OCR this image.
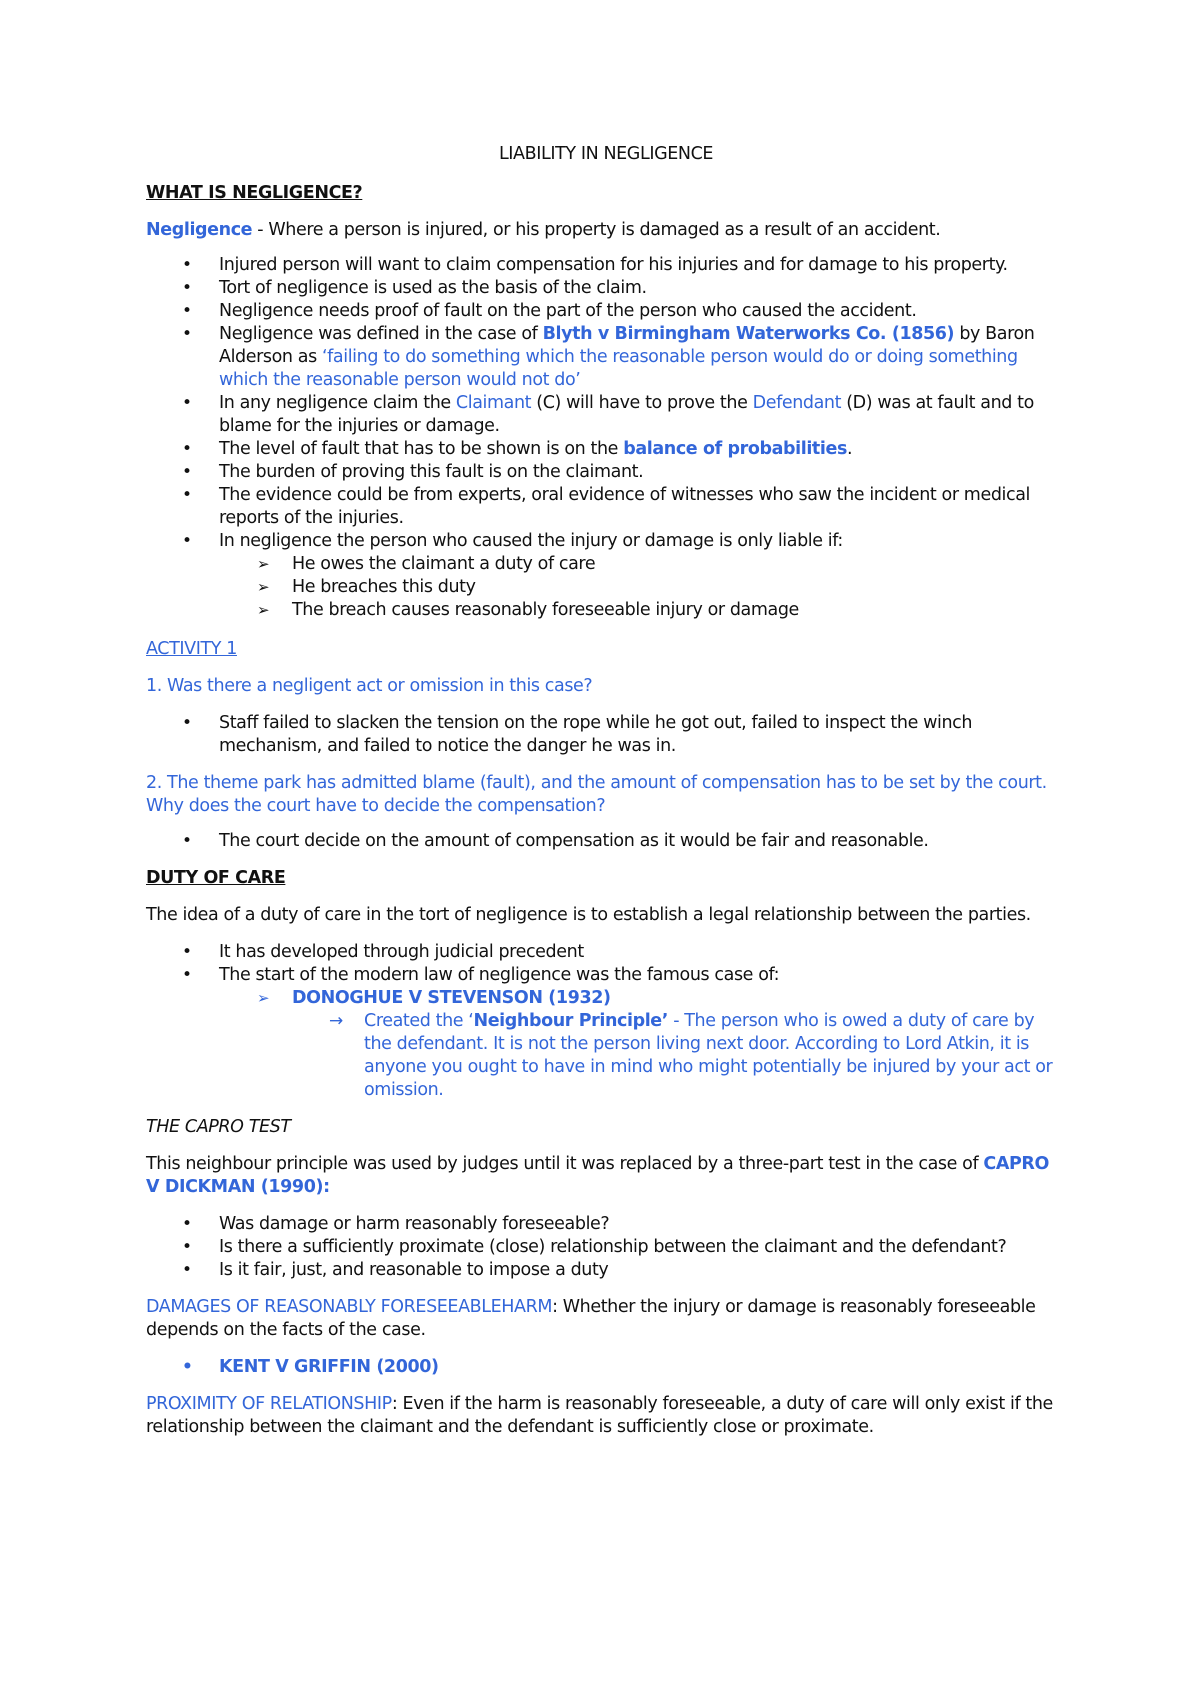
LIABILITY IN NEGLIGENCE

WHAT IS NEGLIGENCE?

Negligence - Where a person is injured, or his property is damaged as a result of an accident.

• Injured person will want to claim compensation for his injuries and for damage to his property.
• Tort of negligence is used as the basis of the claim.
• Negligence needs proof of fault on the part of the person who caused the accident.
• Negligence was defined in the case of Blyth v Birmingham Waterworks Co. (1856) by Baron Alderson as ‘failing to do something which the reasonable person would do or doing something which the reasonable person would not do’
• In any negligence claim the Claimant (C) will have to prove the Defendant (D) was at fault and to blame for the injuries or damage.
• The level of fault that has to be shown is on the balance of probabilities.
• The burden of proving this fault is on the claimant.
• The evidence could be from experts, oral evidence of witnesses who saw the incident or medical reports of the injuries.
• In negligence the person who caused the injury or damage is only liable if:
➢ He owes the claimant a duty of care
➢ He breaches this duty
➢ The breach causes reasonably foreseeable injury or damage

ACTIVITY 1

1. Was there a negligent act or omission in this case?

• Staff failed to slacken the tension on the rope while he got out, failed to inspect the winch mechanism, and failed to notice the danger he was in.

2. The theme park has admitted blame (fault), and the amount of compensation has to be set by the court. Why does the court have to decide the compensation?

• The court decide on the amount of compensation as it would be fair and reasonable.

DUTY OF CARE

The idea of a duty of care in the tort of negligence is to establish a legal relationship between the parties.

• It has developed through judicial precedent
• The start of the modern law of negligence was the famous case of:
➢ DONOGHUE V STEVENSON (1932)
→ Created the ‘Neighbour Principle’ - The person who is owed a duty of care by the defendant. It is not the person living next door. According to Lord Atkin, it is anyone you ought to have in mind who might potentially be injured by your act or omission.

THE CAPRO TEST

This neighbour principle was used by judges until it was replaced by a three-part test in the case of CAPRO V DICKMAN (1990):

• Was damage or harm reasonably foreseeable?
• Is there a sufficiently proximate (close) relationship between the claimant and the defendant?
• Is it fair, just, and reasonable to impose a duty

DAMAGES OF REASONABLY FORESEEABLEHARM: Whether the injury or damage is reasonably foreseeable depends on the facts of the case.

• KENT V GRIFFIN (2000)

PROXIMITY OF RELATIONSHIP: Even if the harm is reasonably foreseeable, a duty of care will only exist if the relationship between the claimant and the defendant is sufficiently close or proximate.
